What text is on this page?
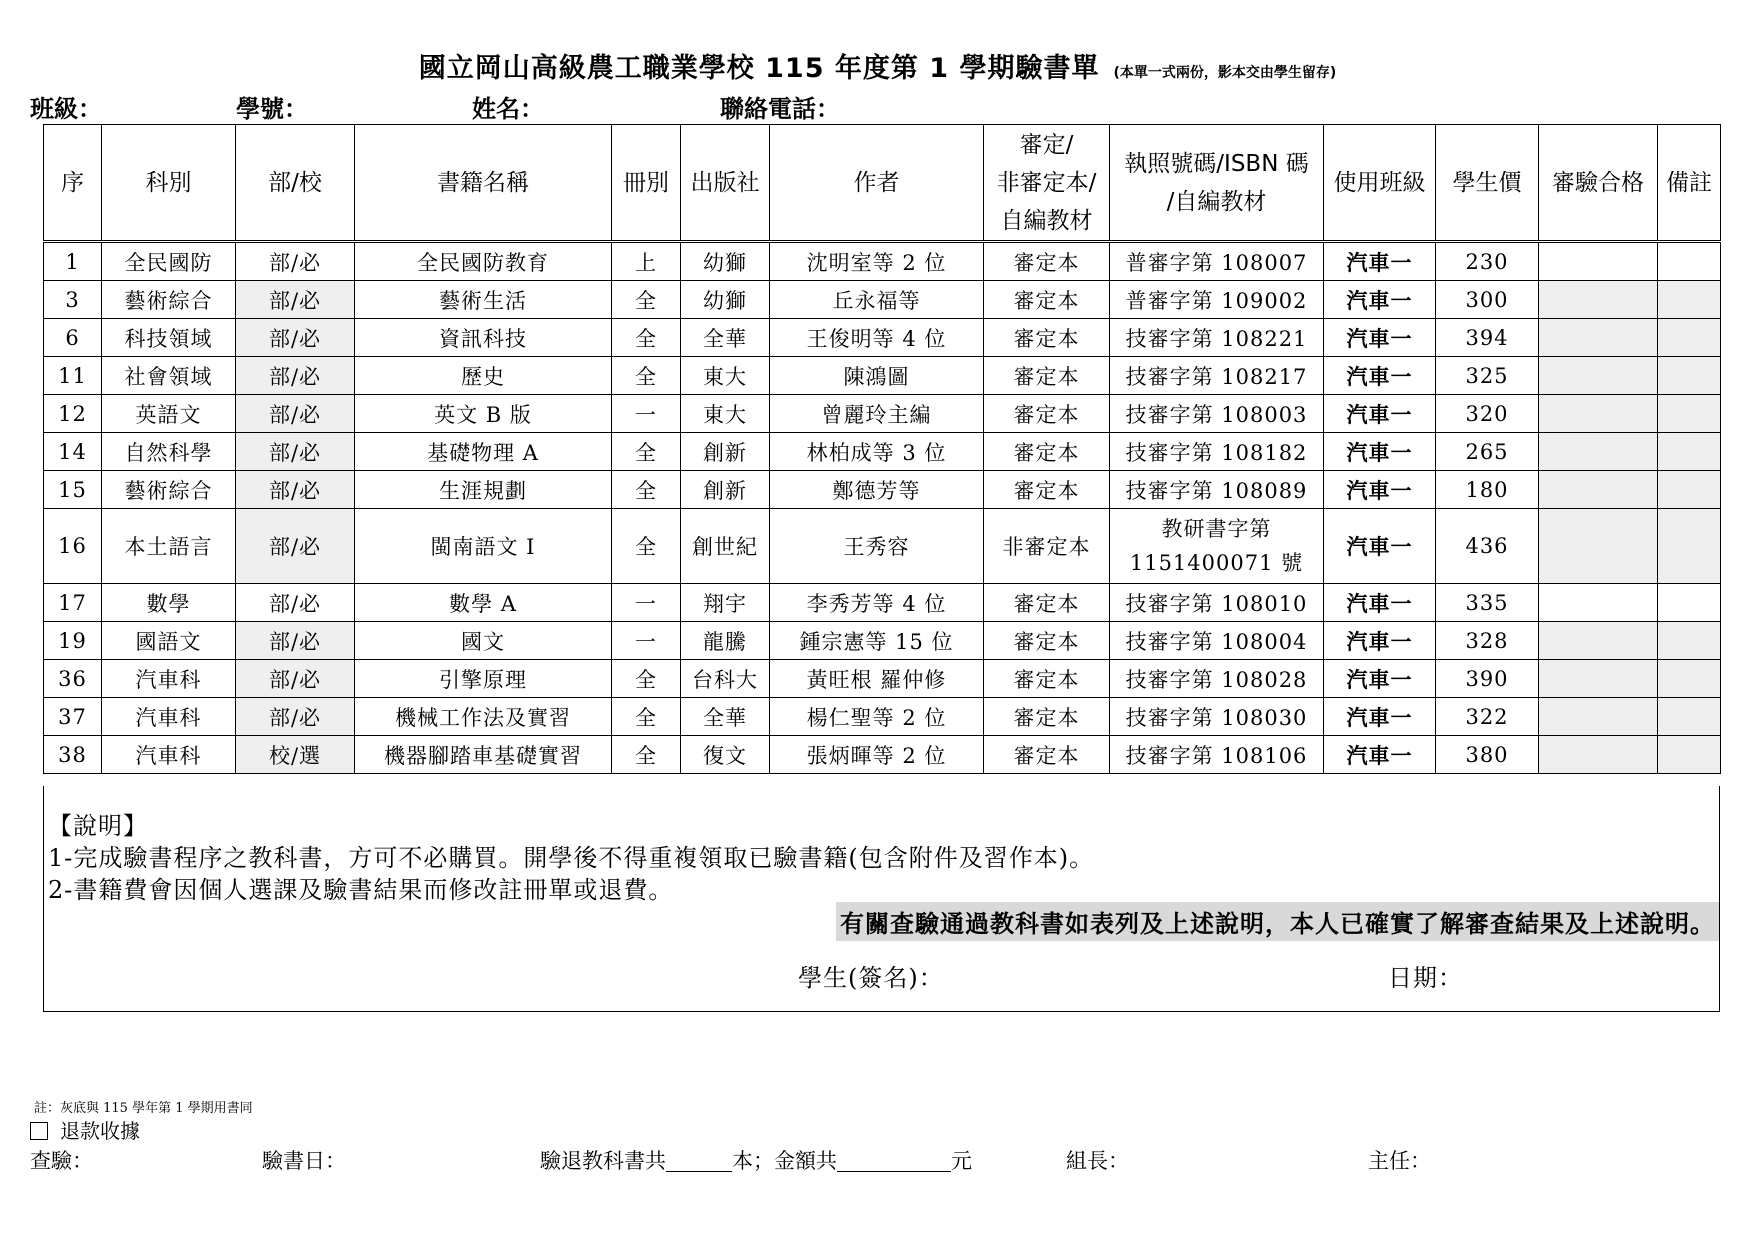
國立岡山高級農工職業學校 115 年度第 1 學期驗書單 (本單一式兩份，影本交由學生留存)
班級：	學號：	姓名：	聯絡電話：
序	科別	部/校	書籍名稱	冊別	出版社	作者	審定/
非審定本/
自編教材	執照號碼/ISBN 碼
/自編教材	使用班級	學生價	審驗合格	備註
1	全民國防	部/必	全民國防教育	上	幼獅	沈明室等 2 位	審定本	普審字第 108007	汽車一	230		
3	藝術綜合	部/必	藝術生活	全	幼獅	丘永福等	審定本	普審字第 109002	汽車一	300		
6	科技領域	部/必	資訊科技	全	全華	王俊明等 4 位	審定本	技審字第 108221	汽車一	394		
11	社會領域	部/必	歷史	全	東大	陳鴻圖	審定本	技審字第 108217	汽車一	325		
12	英語文	部/必	英文 B 版	一	東大	曾麗玲主編	審定本	技審字第 108003	汽車一	320		
14	自然科學	部/必	基礎物理 A	全	創新	林柏成等 3 位	審定本	技審字第 108182	汽車一	265		
15	藝術綜合	部/必	生涯規劃	全	創新	鄭德芳等	審定本	技審字第 108089	汽車一	180		
16	本土語言	部/必	閩南語文 I	全	創世紀	王秀容	非審定本	教研書字第 1151400071 號	汽車一	436		
17	數學	部/必	數學 A	一	翔宇	李秀芳等 4 位	審定本	技審字第 108010	汽車一	335		
19	國語文	部/必	國文	一	龍騰	鍾宗憲等 15 位	審定本	技審字第 108004	汽車一	328		
36	汽車科	部/必	引擎原理	全	台科大	黃旺根 羅仲修	審定本	技審字第 108028	汽車一	390		
37	汽車科	部/必	機械工作法及實習	全	全華	楊仁聖等 2 位	審定本	技審字第 108030	汽車一	322		
38	汽車科	校/選	機器腳踏車基礎實習	全	復文	張炳暉等 2 位	審定本	技審字第 108106	汽車一	380		
【說明】
1-完成驗書程序之教科書，方可不必購買。開學後不得重複領取已驗書籍(包含附件及習作本)。
2-書籍費會因個人選課及驗書結果而修改註冊單或退費。
有關查驗通過教科書如表列及上述說明，本人已確實了解審查結果及上述說明。
學生(簽名)：	日期：
註：灰底與 115 學年第 1 學期用書同
退款收據
查驗：	驗書日：	驗退教科書共	本；金額共	元	組長：	主任：
